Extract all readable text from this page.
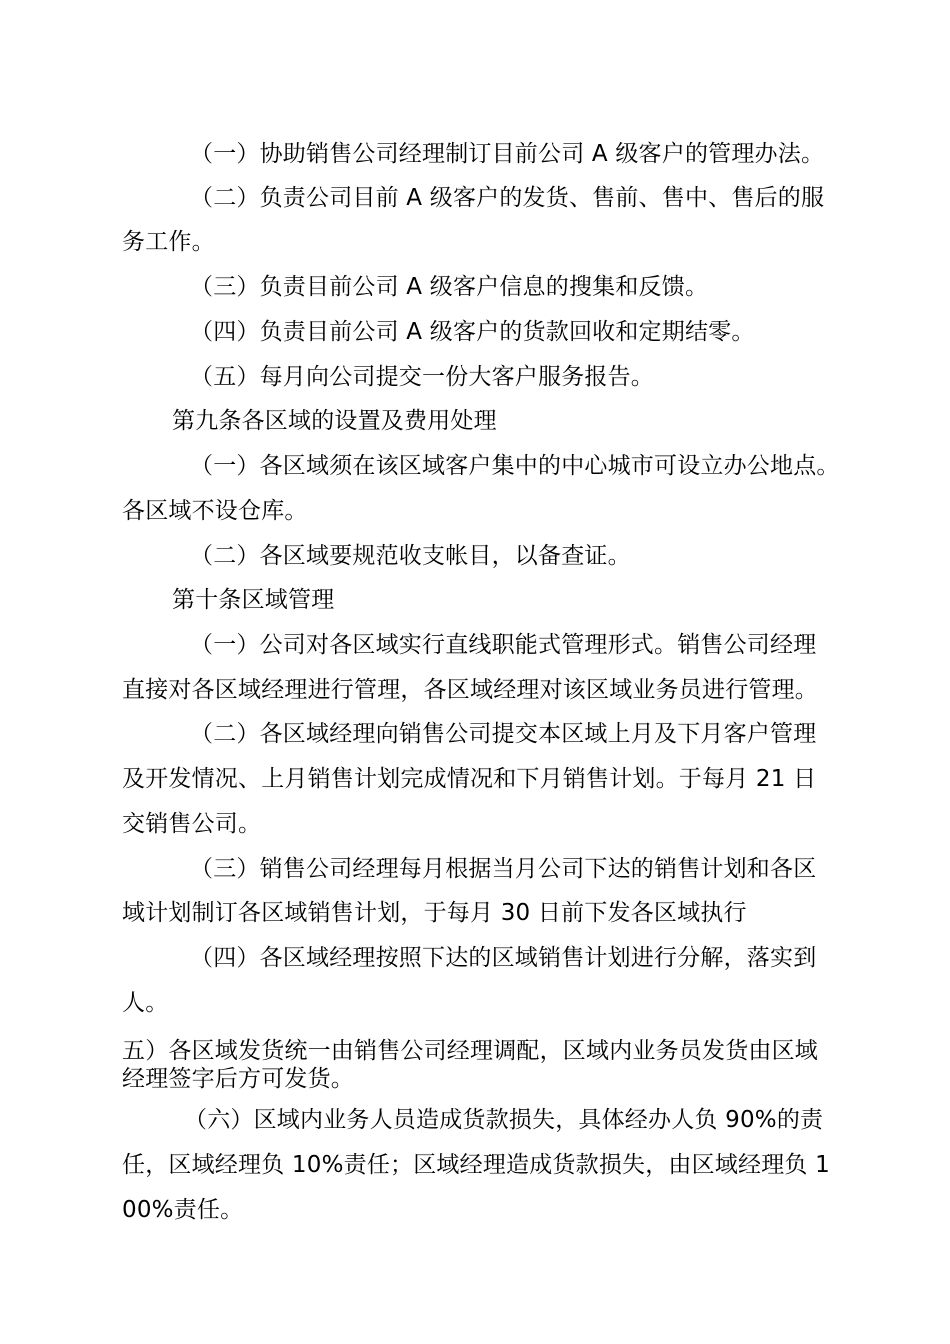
（一）协助销售公司经理制订目前公司 A 级客户的管理办法。

（二）负责公司目前 A 级客户的发货、售前、售中、售后的服

务工作。

（三）负责目前公司 A 级客户信息的搜集和反馈。

（四）负责目前公司 A 级客户的货款回收和定期结零。

（五）每月向公司提交一份大客户服务报告。

第九条各区域的设置及费用处理

（一）各区域须在该区域客户集中的中心城市可设立办公地点。

各区域不设仓库。

（二）各区域要规范收支帐目，以备查证。

第十条区域管理

（一）公司对各区域实行直线职能式管理形式。销售公司经理

直接对各区域经理进行管理，各区域经理对该区域业务员进行管理。

（二）各区域经理向销售公司提交本区域上月及下月客户管理

及开发情况、上月销售计划完成情况和下月销售计划。于每月 21 日

交销售公司。

（三）销售公司经理每月根据当月公司下达的销售计划和各区

域计划制订各区域销售计划，于每月 30 日前下发各区域执行

（四）各区域经理按照下达的区域销售计划进行分解，落实到

人。

五）各区域发货统一由销售公司经理调配，区域内业务员发货由区域

经理签字后方可发货。

（六）区域内业务人员造成货款损失，具体经办人负 90%的责

任，区域经理负 10%责任；区域经理造成货款损失，由区域经理负 1

00%责任。
